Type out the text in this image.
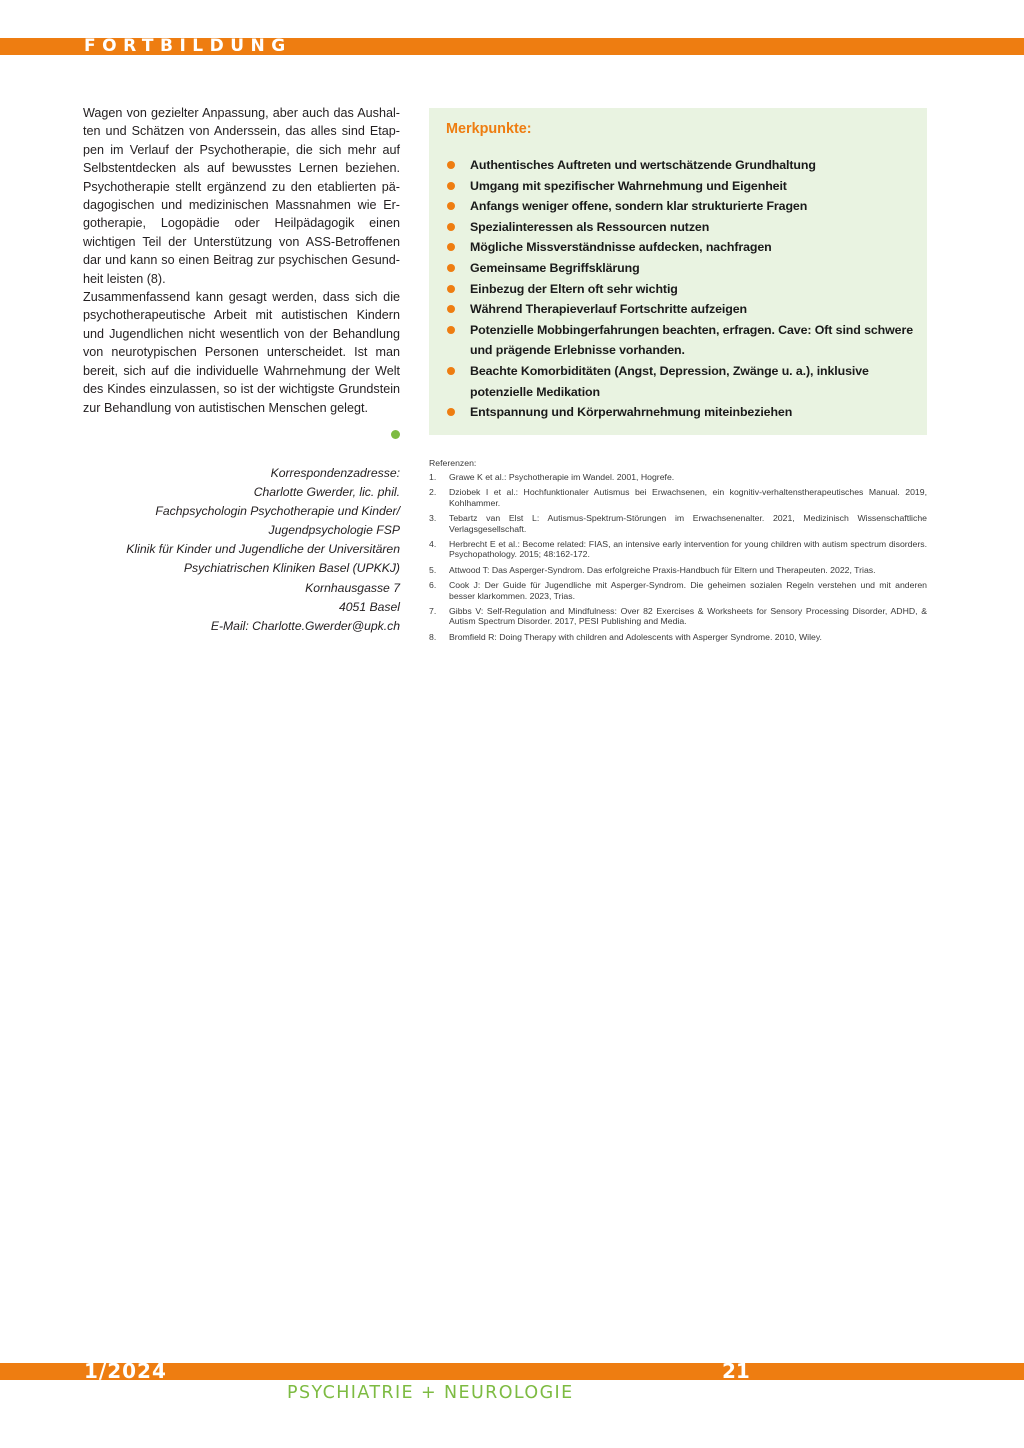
FORTBILDUNG

Wagen von gezielter Anpassung, aber auch das Aushalten und Schätzen von Anderssein, das alles sind Etappen im Verlauf der Psychotherapie, die sich mehr auf Selbstentdecken als auf bewusstes Lernen beziehen. Psychotherapie stellt ergänzend zu den etablierten pädagogischen und medizinischen Massnahmen wie Ergotherapie, Logopädie oder Heilpädagogik einen wichtigen Teil der Unterstützung von ASS-Betroffenen dar und kann so einen Beitrag zur psychischen Gesundheit leisten (8).

Zusammenfassend kann gesagt werden, dass sich die psychotherapeutische Arbeit mit autistischen Kindern und Jugendlichen nicht wesentlich von der Behandlung von neurotypischen Personen unterscheidet. Ist man bereit, sich auf die individuelle Wahrnehmung der Welt des Kindes einzulassen, so ist der wichtigste Grundstein zur Behandlung von autistischen Menschen gelegt.

Korrespondenzadresse:
Charlotte Gwerder, lic. phil.
Fachpsychologin Psychotherapie und Kinder/
Jugendpsychologie FSP
Klinik für Kinder und Jugendliche der Universitären
Psychiatrischen Kliniken Basel (UPKKJ)
Kornhausgasse 7
4051 Basel
E-Mail: Charlotte.Gwerder@upk.ch
Merkpunkte:
Authentisches Auftreten und wertschätzende Grundhaltung
Umgang mit spezifischer Wahrnehmung und Eigenheit
Anfangs weniger offene, sondern klar strukturierte Fragen
Spezialinteressen als Ressourcen nutzen
Mögliche Missverständnisse aufdecken, nachfragen
Gemeinsame Begriffsklärung
Einbezug der Eltern oft sehr wichtig
Während Therapieverlauf Fortschritte aufzeigen
Potenzielle Mobbingerfahrungen beachten, erfragen. Cave: Oft sind schwere und prägende Erlebnisse vorhanden.
Beachte Komorbiditäten (Angst, Depression, Zwänge u. a.), inklusive potenzielle Medikation
Entspannung und Körperwahrnehmung miteinbeziehen
Referenzen:
1. Grawe K et al.: Psychotherapie im Wandel. 2001, Hogrefe.
2. Dziobek I et al.: Hochfunktionaler Autismus bei Erwachsenen, ein kognitiv-verhaltenstherapeutisches Manual. 2019, Kohlhammer.
3. Tebartz van Elst L: Autismus-Spektrum-Störungen im Erwachsenenalter. 2021, Medizinisch Wissenschaftliche Verlagsgesellschaft.
4. Herbrecht E et al.: Become related: FIAS, an intensive early intervention for young children with autism spectrum disorders. Psychopathology. 2015; 48:162-172.
5. Attwood T: Das Asperger-Syndrom. Das erfolgreiche Praxis-Handbuch für Eltern und Therapeuten. 2022, Trias.
6. Cook J: Der Guide für Jugendliche mit Asperger-Syndrom. Die geheimen sozialen Regeln verstehen und mit anderen besser klarkommen. 2023, Trias.
7. Gibbs V: Self-Regulation and Mindfulness: Over 82 Exercises & Worksheets for Sensory Processing Disorder, ADHD, & Autism Spectrum Disorder. 2017, PESI Publishing and Media.
8. Bromfield R: Doing Therapy with children and Adolescents with Asperger Syndrome. 2010, Wiley.
1/2024	21
PSYCHIATRIE + NEUROLOGIE
